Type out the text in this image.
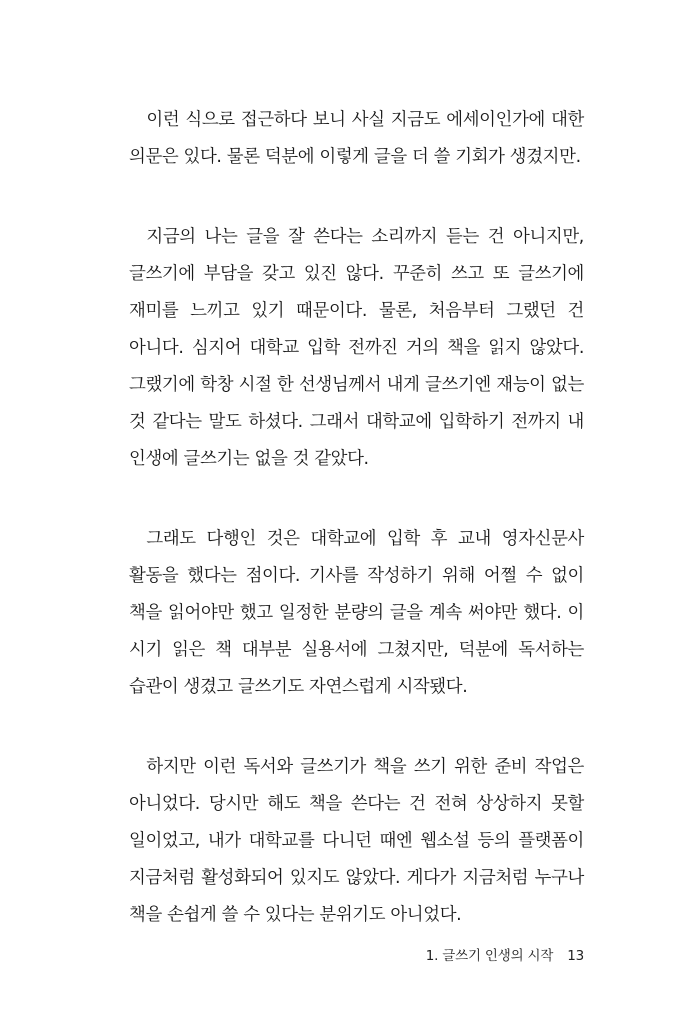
이런 식으로 접근하다 보니 사실 지금도 에세이인가에 대한 의문은 있다. 물론 덕분에 이렇게 글을 더 쓸 기회가 생겼지만.

지금의 나는 글을 잘 쓴다는 소리까지 듣는 건 아니지만, 글쓰기에 부담을 갖고 있진 않다. 꾸준히 쓰고 또 글쓰기에 재미를 느끼고 있기 때문이다. 물론, 처음부터 그랬던 건 아니다. 심지어 대학교 입학 전까진 거의 책을 읽지 않았다. 그랬기에 학창 시절 한 선생님께서 내게 글쓰기엔 재능이 없는 것 같다는 말도 하셨다. 그래서 대학교에 입학하기 전까지 내 인생에 글쓰기는 없을 것 같았다.

그래도 다행인 것은 대학교에 입학 후 교내 영자신문사 활동을 했다는 점이다. 기사를 작성하기 위해 어쩔 수 없이 책을 읽어야만 했고 일정한 분량의 글을 계속 써야만 했다. 이 시기 읽은 책 대부분 실용서에 그쳤지만, 덕분에 독서하는 습관이 생겼고 글쓰기도 자연스럽게 시작됐다.

하지만 이런 독서와 글쓰기가 책을 쓰기 위한 준비 작업은 아니었다. 당시만 해도 책을 쓴다는 건 전혀 상상하지 못할 일이었고, 내가 대학교를 다니던 때엔 웹소설 등의 플랫폼이 지금처럼 활성화되어 있지도 않았다. 게다가 지금처럼 누구나 책을 손쉽게 쓸 수 있다는 분위기도 아니었다.

1. 글쓰기 인생의 시작 13
